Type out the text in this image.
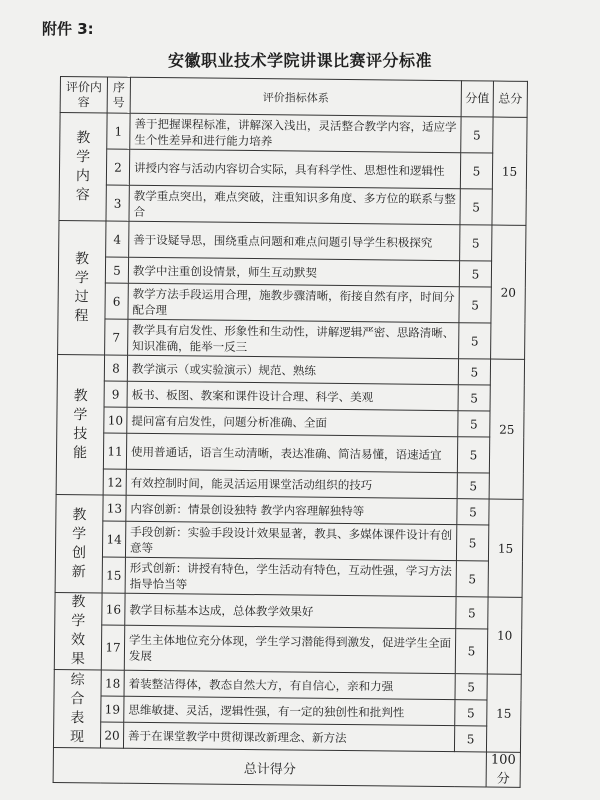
附件 3:
安徽职业技术学院讲课比赛评分标准
评价内容	序号	评价指标体系	分值	总分
教学内容	1	善于把握课程标准，讲解深入浅出，灵活整合教学内容，适应学生个性差异和进行能力培养	5	15
	2	讲授内容与活动内容切合实际，具有科学性、思想性和逻辑性	5	
	3	教学重点突出，难点突破，注重知识多角度、多方位的联系与整合	5	
教学过程	4	善于设疑导思，围绕重点问题和难点问题引导学生积极探究	5	20
	5	教学中注重创设情景，师生互动默契	5	
	6	教学方法手段运用合理，施教步骤清晰，衔接自然有序，时间分配合理	5	
	7	教学具有启发性、形象性和生动性，讲解逻辑严密、思路清晰、知识准确，能举一反三	5	
教学技能	8	教学演示（或实验演示）规范、熟练	5	25
	9	板书、板图、教案和课件设计合理、科学、美观	5	
	10	提问富有启发性，问题分析准确、全面	5	
	11	使用普通话，语言生动清晰，表达准确、简洁易懂，语速适宜	5	
	12	有效控制时间，能灵活运用课堂活动组织的技巧	5	
教学创新	13	内容创新：情景创设独特 教学内容理解独特等	5	15
	14	手段创新：实验手段设计效果显著，教具、多媒体课件设计有创意等	5	
	15	形式创新：讲授有特色，学生活动有特色，互动性强，学习方法指导恰当等	5	
教学效果	16	教学目标基本达成，总体教学效果好	5	10
	17	学生主体地位充分体现，学生学习潜能得到激发，促进学生全面发展	5	
综合表现	18	着装整洁得体，教态自然大方，有自信心，亲和力强	5	15
	19	思维敏捷、灵活，逻辑性强，有一定的独创性和批判性	5	
	20	善于在课堂教学中贯彻课改新理念、新方法	5	
总计得分				100 分
